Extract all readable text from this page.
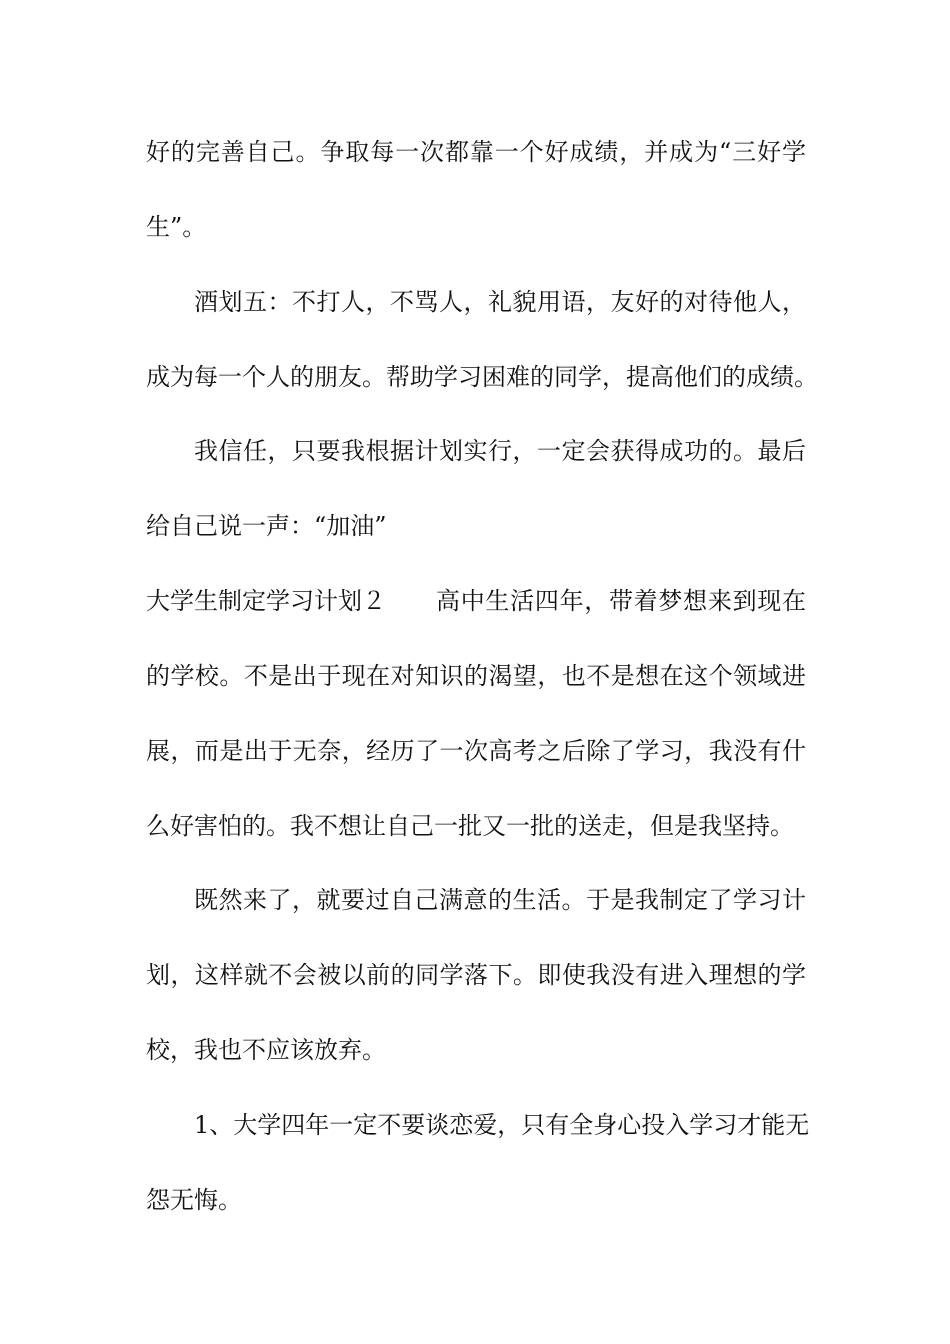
好的完善自己。争取每一次都靠一个好成绩，并成为“三好学
生”。
酒划五：不打人，不骂人，礼貌用语，友好的对待他人，
成为每一个人的朋友。帮助学习困难的同学，提高他们的成绩。
我信任，只要我根据计划实行，一定会获得成功的。最后
给自己说一声：“加油”
大学生制定学习计划２ 高中生活四年，带着梦想来到现在
的学校。不是出于现在对知识的渴望，也不是想在这个领域进
展，而是出于无奈，经历了一次高考之后除了学习，我没有什
么好害怕的。我不想让自己一批又一批的送走，但是我坚持。
既然来了，就要过自己满意的生活。于是我制定了学习计
划，这样就不会被以前的同学落下。即使我没有进入理想的学
校，我也不应该放弃。
1、大学四年一定不要谈恋爱，只有全身心投入学习才能无
怨无悔。
